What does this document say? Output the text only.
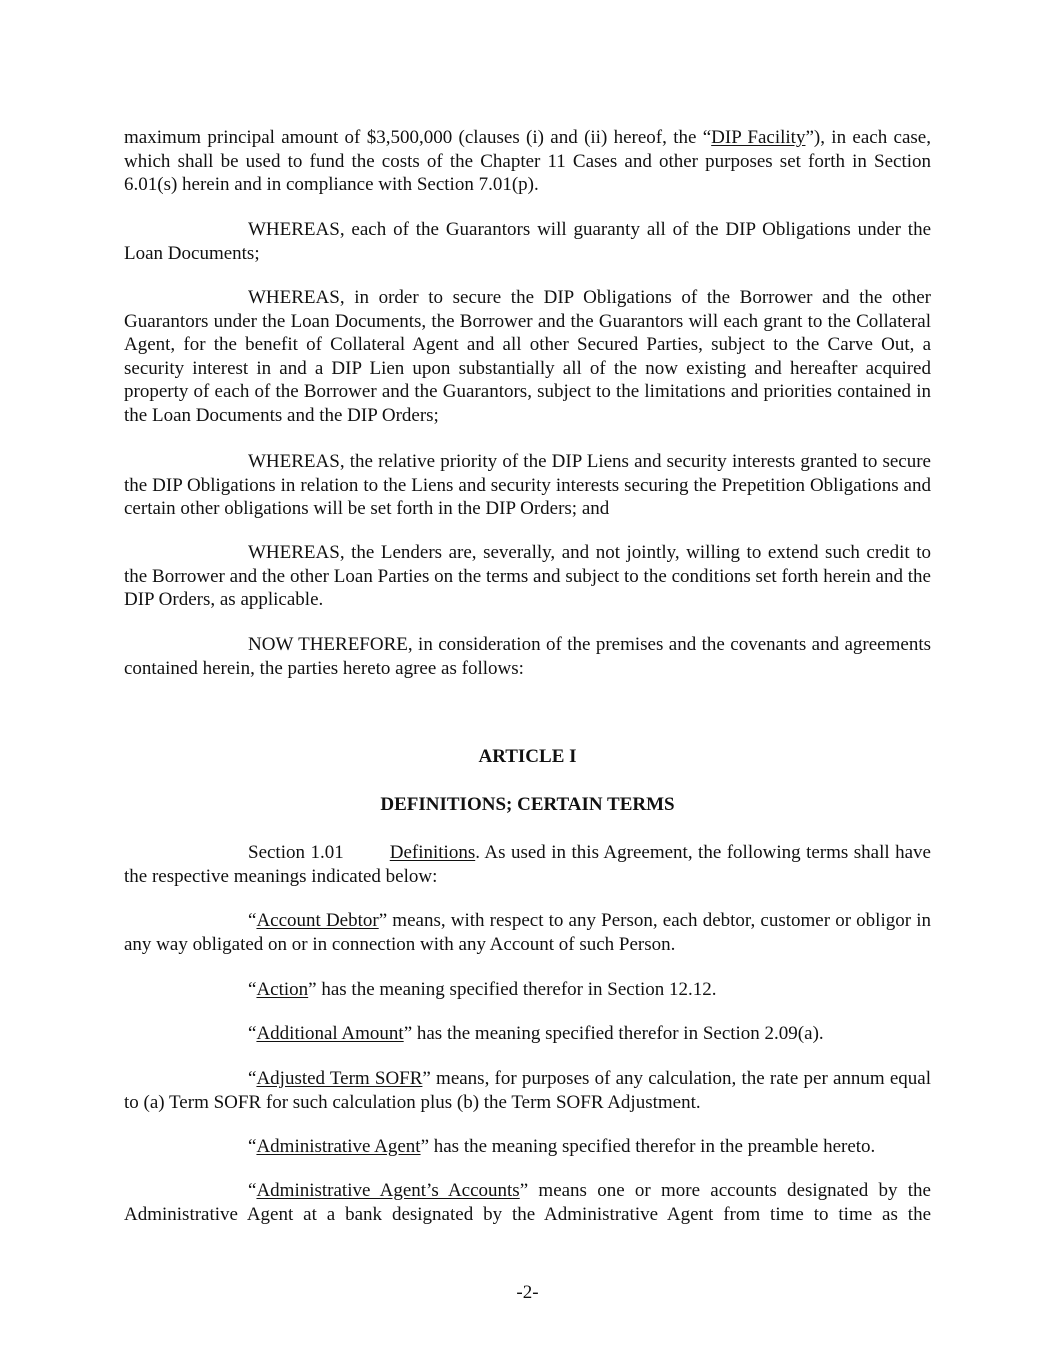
maximum principal amount of $3,500,000 (clauses (i) and (ii) hereof, the “DIP Facility”), in each case, which shall be used to fund the costs of the Chapter 11 Cases and other purposes set forth in Section 6.01(s) herein and in compliance with Section 7.01(p).

WHEREAS, each of the Guarantors will guaranty all of the DIP Obligations under the Loan Documents;

WHEREAS, in order to secure the DIP Obligations of the Borrower and the other Guarantors under the Loan Documents, the Borrower and the Guarantors will each grant to the Collateral Agent, for the benefit of Collateral Agent and all other Secured Parties, subject to the Carve Out, a security interest in and a DIP Lien upon substantially all of the now existing and hereafter acquired property of each of the Borrower and the Guarantors, subject to the limitations and priorities contained in the Loan Documents and the DIP Orders;

WHEREAS, the relative priority of the DIP Liens and security interests granted to secure the DIP Obligations in relation to the Liens and security interests securing the Prepetition Obligations and certain other obligations will be set forth in the DIP Orders; and

WHEREAS, the Lenders are, severally, and not jointly, willing to extend such credit to the Borrower and the other Loan Parties on the terms and subject to the conditions set forth herein and the DIP Orders, as applicable.

NOW THEREFORE, in consideration of the premises and the covenants and agreements contained herein, the parties hereto agree as follows:

ARTICLE I

DEFINITIONS; CERTAIN TERMS

Section 1.01 Definitions. As used in this Agreement, the following terms shall have the respective meanings indicated below:

“Account Debtor” means, with respect to any Person, each debtor, customer or obligor in any way obligated on or in connection with any Account of such Person.

“Action” has the meaning specified therefor in Section 12.12.

“Additional Amount” has the meaning specified therefor in Section 2.09(a).

“Adjusted Term SOFR” means, for purposes of any calculation, the rate per annum equal to (a) Term SOFR for such calculation plus (b) the Term SOFR Adjustment.

“Administrative Agent” has the meaning specified therefor in the preamble hereto.

“Administrative Agent’s Accounts” means one or more accounts designated by the Administrative Agent at a bank designated by the Administrative Agent from time to time as the

-2-
